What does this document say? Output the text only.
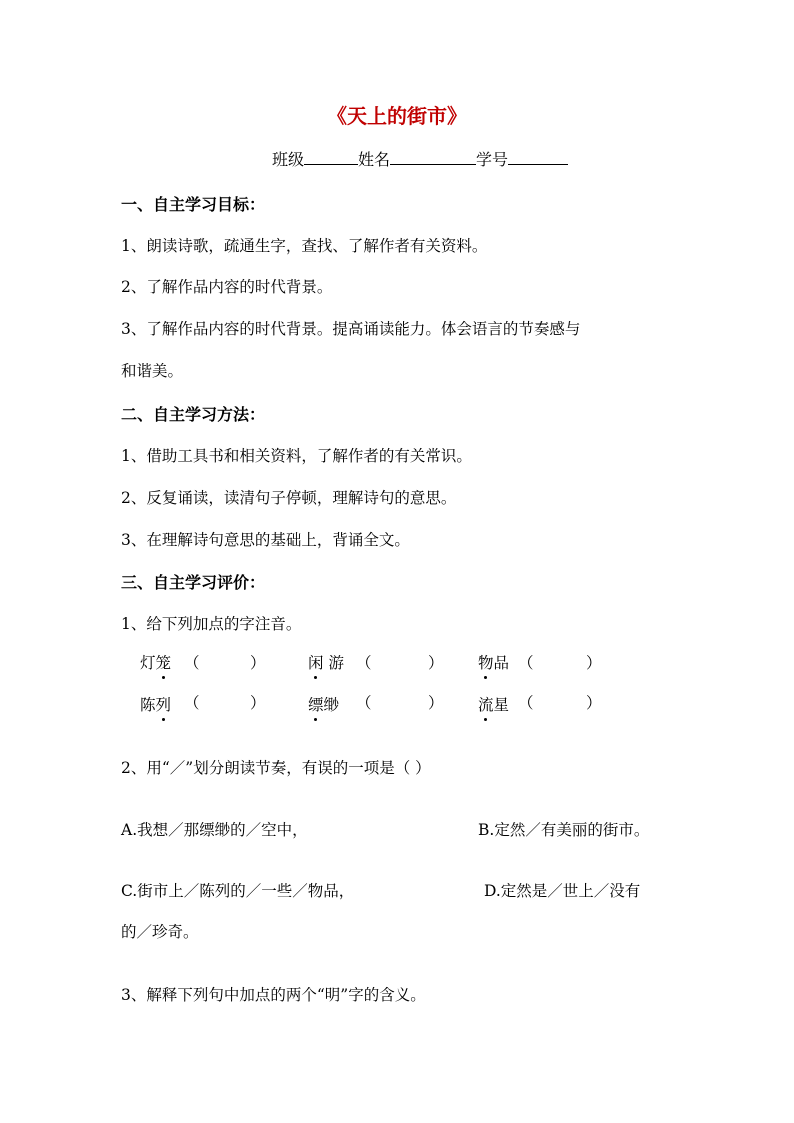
《天上的街市》
班级	姓名	学号
一、自主学习目标：
1、朗读诗歌，疏通生字，查找、了解作者有关资料。
2、了解作品内容的时代背景。
3、了解作品内容的时代背景。提高诵读能力。体会语言的节奏感与
和谐美。
二、自主学习方法：
1、借助工具书和相关资料，了解作者的有关常识。
2、反复诵读，读清句子停顿，理解诗句的意思。
3、在理解诗句意思的基础上，背诵全文。
三、自主学习评价：
1、给下列加点的字注音。
灯笼 （	）	闲 游 （	） 物品 （	）
陈列 （	）	缥缈 （	） 流星 （	）
2、用“／”划分朗读节奏，有误的一项是（ ）
A.我想／那缥缈的／空中，	B.定然／有美丽的街市。
C.街市上／陈列的／一些／物品，	D.定然是／世上／没有
的／珍奇。
3、解释下列句中加点的两个“明”字的含义。
